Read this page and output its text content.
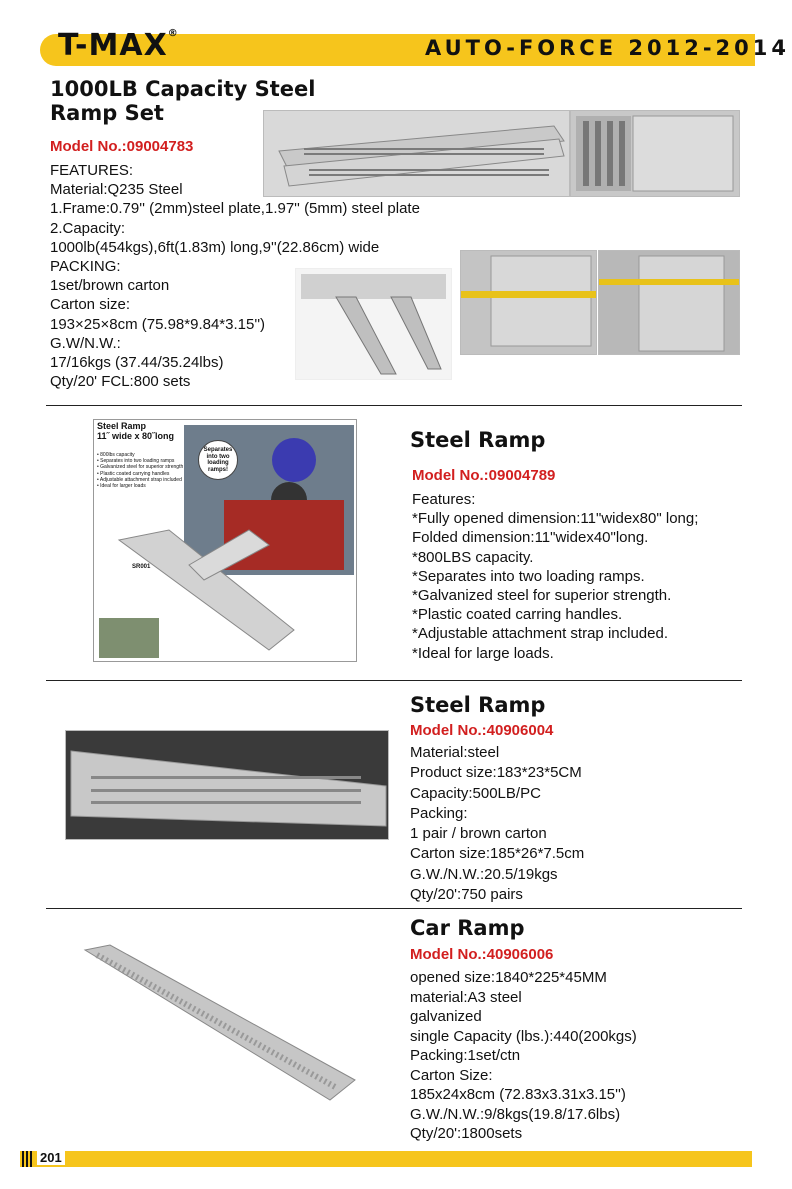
T-MAX®
AUTO-FORCE 2012-2014
1000LB Capacity Steel
Ramp Set
Model No.:09004783
FEATURES:
Material:Q235 Steel
1.Frame:0.79'' (2mm)steel plate,1.97'' (5mm) steel plate
2.Capacity:
1000lb(454kgs),6ft(1.83m) long,9''(22.86cm) wide
PACKING:
1set/brown carton
Carton size:
193×25×8cm (75.98*9.84*3.15'')
G.W/N.W.:
17/16kgs (37.44/35.24lbs)
Qty/20' FCL:800 sets
Steel Ramp
11˝ wide x 80˝long
• 800lbs capacity
• Separates into two loading ramps
• Galvanized steel for superior strength
• Plastic coated carrying handles
• Adjustable attachment strap included
• Ideal for larger loads
Separates
into two
loading
ramps!
SR001
Steel Ramp
Model No.:09004789
Features:
*Fully opened dimension:11"widex80" long;
Folded dimension:11"widex40"long.
*800LBS capacity.
*Separates into two loading ramps.
*Galvanized steel for superior strength.
*Plastic coated carring handles.
*Adjustable attachment strap included.
*Ideal for large loads.
Steel Ramp
Model No.:40906004
Material:steel
Product size:183*23*5CM
Capacity:500LB/PC
Packing:
1 pair / brown carton
Carton size:185*26*7.5cm
G.W./N.W.:20.5/19kgs
Qty/20':750 pairs
Car Ramp
Model No.:40906006
opened size:1840*225*45MM
material:A3 steel
galvanized
single Capacity (lbs.):440(200kgs)
Packing:1set/ctn
Carton Size:
185x24x8cm (72.83x3.31x3.15'')
G.W./N.W.:9/8kgs(19.8/17.6lbs)
Qty/20':1800sets
201
